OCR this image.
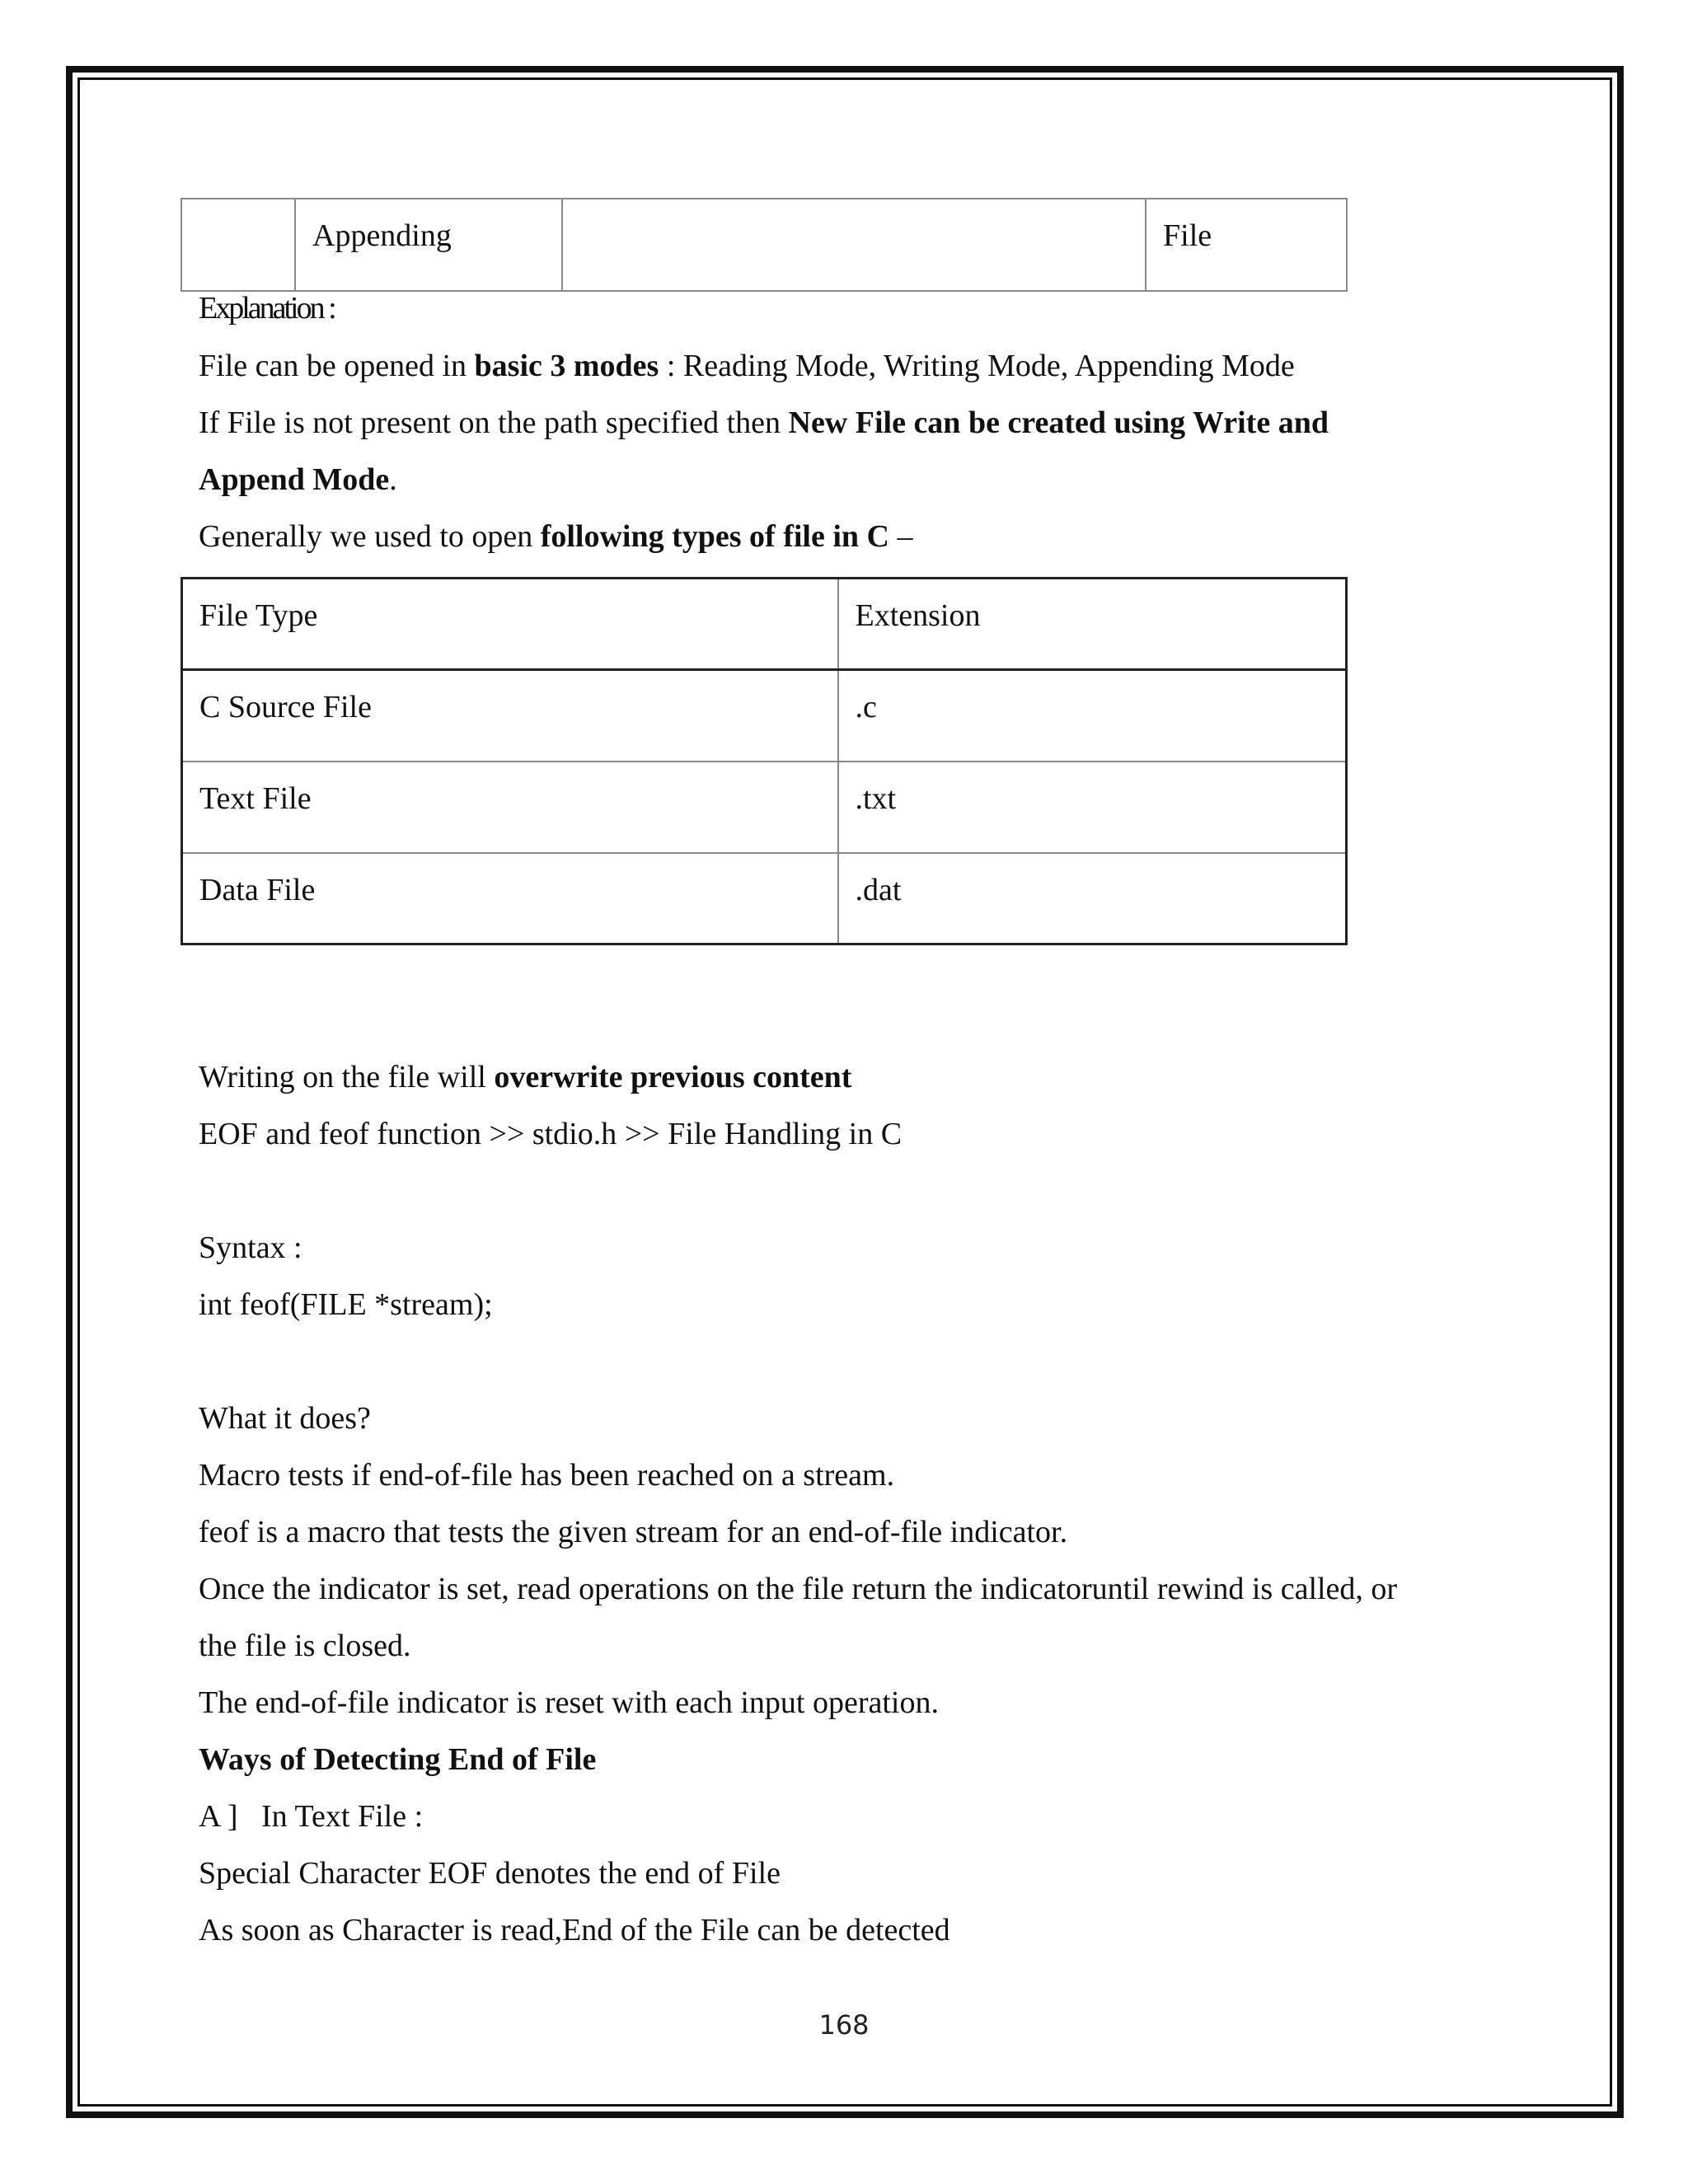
	Appending		File
Explanation :
File can be opened in basic 3 modes : Reading Mode, Writing Mode, Appending Mode
If File is not present on the path specified then New File can be created using Write and
Append Mode.
Generally we used to open following types of file in C –
File Type	Extension
C Source File	.c
Text File	.txt
Data File	.dat
Writing on the file will overwrite previous content
EOF and feof function >> stdio.h >> File Handling in C
Syntax :
int feof(FILE *stream);
What it does?
Macro tests if end-of-file has been reached on a stream.
feof is a macro that tests the given stream for an end-of-file indicator.
Once the indicator is set, read operations on the file return the indicatoruntil rewind is called, or
the file is closed.
The end-of-file indicator is reset with each input operation.
Ways of Detecting End of File
A ]   In Text File :
Special Character EOF denotes the end of File
As soon as Character is read,End of the File can be detected
168
